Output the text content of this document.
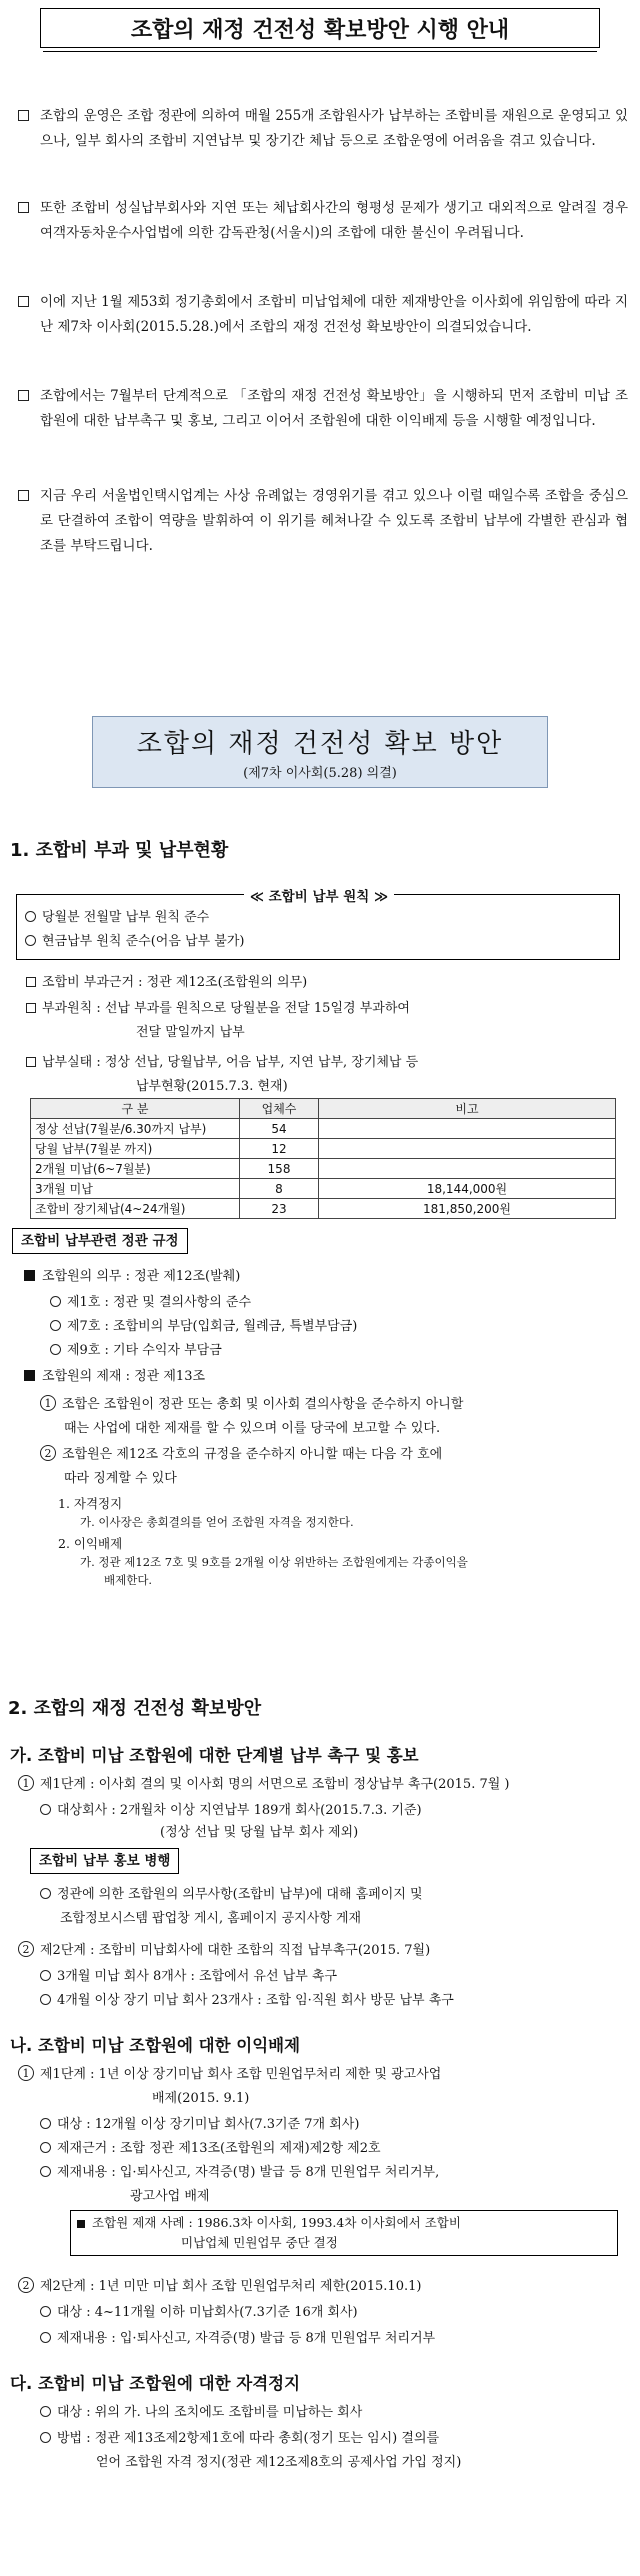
조합의 재정 건전성 확보방안 시행 안내
조합의 운영은 조합 정관에 의하여 매월 255개 조합원사가 납부하는 조합비를 재원으로 운영되고 있으나, 일부 회사의 조합비 지연납부 및 장기간 체납 등으로 조합운영에 어려움을 겪고 있습니다.
또한 조합비 성실납부회사와 지연 또는 체납회사간의 형평성 문제가 생기고 대외적으로 알려질 경우 여객자동차운수사업법에 의한 감독관청(서울시)의 조합에 대한 불신이 우려됩니다.
이에 지난 1월 제53회 정기총회에서 조합비 미납업체에 대한 제재방안을 이사회에 위임함에 따라 지난 제7차 이사회(2015.5.28.)에서 조합의 재정 건전성 확보방안이 의결되었습니다.
조합에서는 7월부터 단계적으로 「조합의 재정 건전성 확보방안」을 시행하되 먼저 조합비 미납 조합원에 대한 납부촉구 및 홍보, 그리고 이어서 조합원에 대한 이익배제 등을 시행할 예정입니다.
지금 우리 서울법인택시업계는 사상 유례없는 경영위기를 겪고 있으나 이럴 때일수록 조합을 중심으로 단결하여 조합이 역량을 발휘하여 이 위기를 헤쳐나갈 수 있도록 조합비 납부에 각별한 관심과 협조를 부탁드립니다.
조합의 재정 건전성 확보 방안
(제7차 이사회(5.28) 의결)
1. 조합비 부과 및 납부현황
≪ 조합비 납부 원칙 ≫
당월분 전월말 납부 원칙 준수
현금납부 원칙 준수(어음 납부 불가)
조합비 부과근거 : 정관 제12조(조합원의 의무)
부과원칙 : 선납 부과를 원칙으로 당월분을 전달 15일경 부과하여
전달 말일까지 납부
납부실태 : 정상 선납, 당월납부, 어음 납부, 지연 납부, 장기체납 등
납부현황(2015.7.3. 현재)
구 분	업체수	비고
정상 선납(7월분/6.30까지 납부)	54	
당월 납부(7월분 까지)	12	
2개월 미납(6~7월분)	158	
3개월 미납	8	18,144,000원
조합비 장기체납(4~24개월)	23	181,850,200원
조합비 납부관련 정관 규정
조합원의 의무 : 정관 제12조(발췌)
제1호 : 정관 및 결의사항의 준수
제7호 : 조합비의 부담(입회금, 월례금, 특별부담금)
제9호 : 기타 수익자 부담금
조합원의 제재 : 정관 제13조
1 조합은 조합원이 정관 또는 총회 및 이사회 결의사항을 준수하지 아니할
때는 사업에 대한 제재를 할 수 있으며 이를 당국에 보고할 수 있다.
2 조합원은 제12조 각호의 규정을 준수하지 아니할 때는 다음 각 호에
따라 징계할 수 있다
1. 자격정지
가. 이사장은 총회결의를 얻어 조합원 자격을 정지한다.
2. 이익배제
가. 정관 제12조 7호 및 9호를 2개월 이상 위반하는 조합원에게는 각종이익을
배제한다.
2. 조합의 재정 건전성 확보방안
가. 조합비 미납 조합원에 대한 단계별 납부 촉구 및 홍보
1 제1단계 : 이사회 결의 및 이사회 명의 서면으로 조합비 정상납부 촉구(2015. 7월 )
대상회사 : 2개월차 이상 지연납부 189개 회사(2015.7.3. 기준)
(정상 선납 및 당월 납부 회사 제외)
조합비 납부 홍보 병행
정관에 의한 조합원의 의무사항(조합비 납부)에 대해 홈페이지 및
조합정보시스템 팝업창 게시, 홈페이지 공지사항 게재
2 제2단계 : 조합비 미납회사에 대한 조합의 직접 납부촉구(2015. 7월)
3개월 미납 회사 8개사 : 조합에서 유선 납부 촉구
4개월 이상 장기 미납 회사 23개사 : 조합 임·직원 회사 방문 납부 촉구
나. 조합비 미납 조합원에 대한 이익배제
1 제1단계 : 1년 이상 장기미납 회사 조합 민원업무처리 제한 및 광고사업
배제(2015. 9.1)
대상 : 12개월 이상 장기미납 회사(7.3기준 7개 회사)
제재근거 : 조합 정관 제13조(조합원의 제재)제2항 제2호
제재내용 : 입·퇴사신고, 자격증(명) 발급 등 8개 민원업무 처리거부,
광고사업 배제
조합원 제재 사례 : 1986.3차 이사회, 1993.4차 이사회에서 조합비
미납업체 민원업무 중단 결정
2 제2단계 : 1년 미만 미납 회사 조합 민원업무처리 제한(2015.10.1)
대상 : 4~11개월 이하 미납회사(7.3기준 16개 회사)
제재내용 : 입·퇴사신고, 자격증(명) 발급 등 8개 민원업무 처리거부
다. 조합비 미납 조합원에 대한 자격정지
대상 : 위의 가. 나의 조치에도 조합비를 미납하는 회사
방법 : 정관 제13조제2항제1호에 따라 총회(정기 또는 임시) 결의를
얻어 조합원 자격 정지(정관 제12조제8호의 공제사업 가입 정지)
